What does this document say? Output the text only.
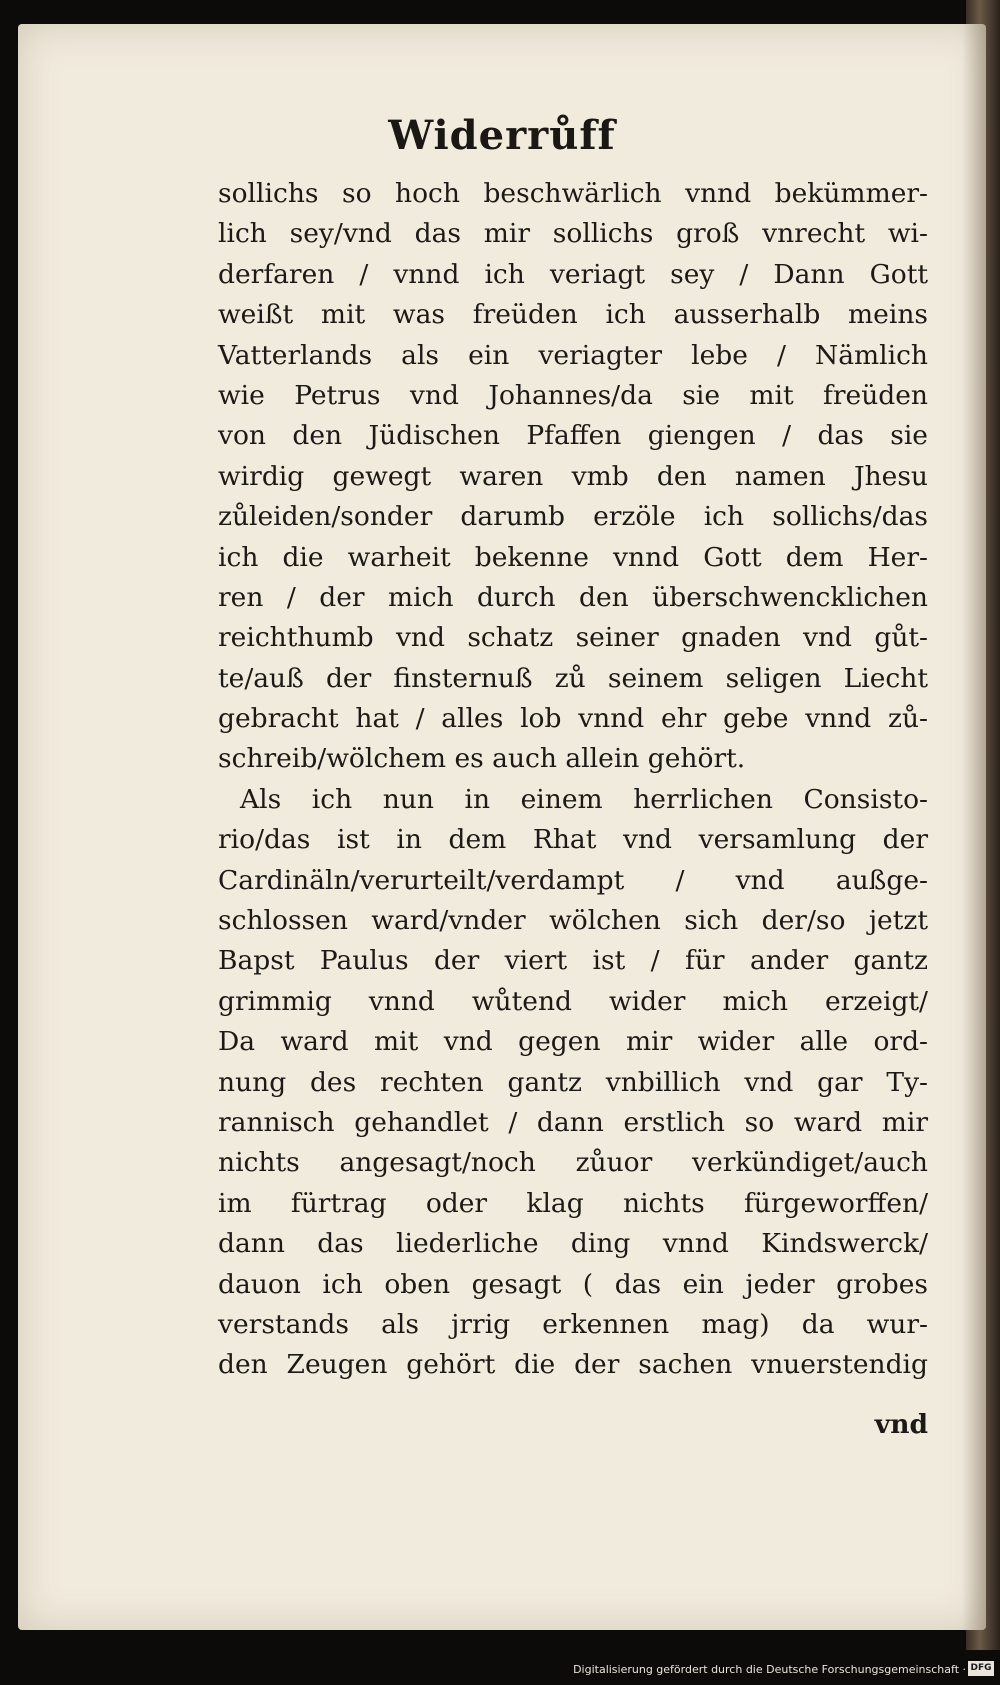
Widerrůff
sollichs so hoch beschwärlich vnnd bekümmer-
lich sey/vnd das mir sollichs groß vnrecht wi-
derfaren / vnnd ich veriagt sey / Dann Gott
weißt mit was freüden ich ausserhalb meins
Vatterlands als ein veriagter lebe / Nämlich
wie Petrus vnd Johannes/da sie mit freüden
von den Jüdischen Pfaffen giengen / das sie
wirdig gewegt waren vmb den namen Jhesu
zůleiden/sonder darumb erzöle ich sollichs/das
ich die warheit bekenne vnnd Gott dem Her-
ren / der mich durch den überschwencklichen
reichthumb vnd schatz seiner gnaden vnd gůt-
te/auß der finsternuß zů seinem seligen Liecht
gebracht hat / alles lob vnnd ehr gebe vnnd zů-
schreib/wölchem es auch allein gehört.
Als ich nun in einem herrlichen Consisto-
rio/das ist in dem Rhat vnd versamlung der
Cardinäln/verurteilt/verdampt / vnd außge-
schlossen ward/vnder wölchen sich der/so jetzt
Bapst Paulus der viert ist / für ander gantz
grimmig vnnd wůtend wider mich erzeigt/
Da ward mit vnd gegen mir wider alle ord-
nung des rechten gantz vnbillich vnd gar Ty-
rannisch gehandlet / dann erstlich so ward mir
nichts angesagt/noch zůuor verkündiget/auch
im fürtrag oder klag nichts fürgeworffen/
dann das liederliche ding vnnd Kindswerck/
dauon ich oben gesagt ( das ein jeder grobes
verstands als jrrig erkennen mag) da wur-
den Zeugen gehört die der sachen vnuerstendig
vnd
Digitalisierung gefördert durch die Deutsche Forschungsgemeinschaft · DFG
